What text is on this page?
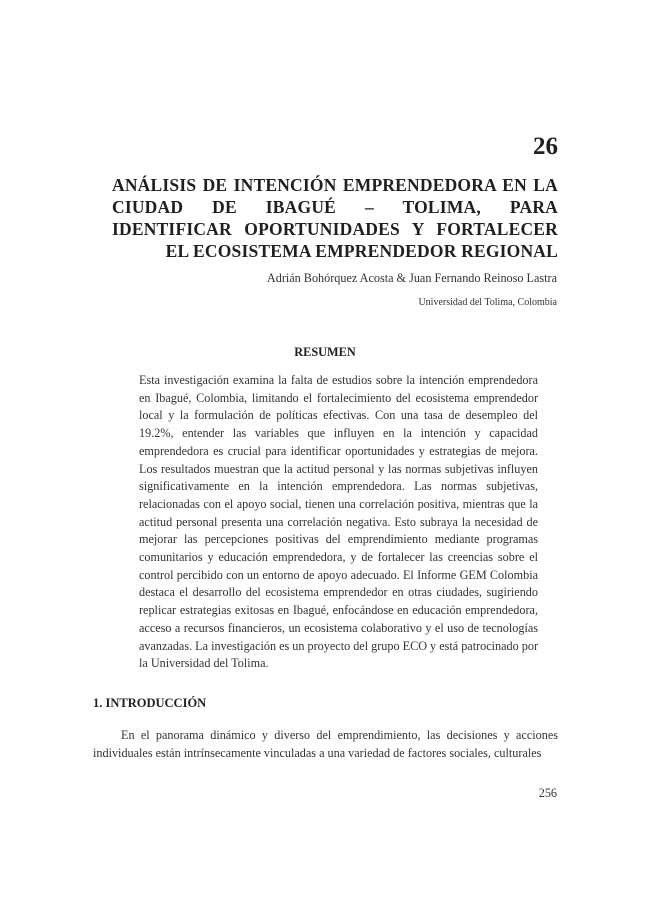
26
ANÁLISIS DE INTENCIÓN EMPRENDEDORA EN LA CIUDAD DE IBAGUÉ – TOLIMA, PARA IDENTIFICAR OPORTUNIDADES Y FORTALECER EL ECOSISTEMA EMPRENDEDOR REGIONAL
Adrián Bohórquez Acosta & Juan Fernando Reinoso Lastra
Universidad del Tolima, Colombia
RESUMEN

Esta investigación examina la falta de estudios sobre la intención emprendedora en Ibagué, Colombia, limitando el fortalecimiento del ecosistema emprendedor local y la formulación de políticas efectivas. Con una tasa de desempleo del 19.2%, entender las variables que influyen en la intención y capacidad emprendedora es crucial para identificar oportunidades y estrategias de mejora. Los resultados muestran que la actitud personal y las normas subjetivas influyen significativamente en la intención emprendedora. Las normas subjetivas, relacionadas con el apoyo social, tienen una correlación positiva, mientras que la actitud personal presenta una correlación negativa. Esto subraya la necesidad de mejorar las percepciones positivas del emprendimiento mediante programas comunitarios y educación emprendedora, y de fortalecer las creencias sobre el control percibido con un entorno de apoyo adecuado. El Informe GEM Colombia destaca el desarrollo del ecosistema emprendedor en otras ciudades, sugiriendo replicar estrategias exitosas en Ibagué, enfocándose en educación emprendedora, acceso a recursos financieros, un ecosistema colaborativo y el uso de tecnologías avanzadas. La investigación es un proyecto del grupo ECO y está patrocinado por la Universidad del Tolima.

1. INTRODUCCIÓN

En el panorama dinámico y diverso del emprendimiento, las decisiones y acciones individuales están intrínsecamente vinculadas a una variedad de factores sociales, culturales

256
